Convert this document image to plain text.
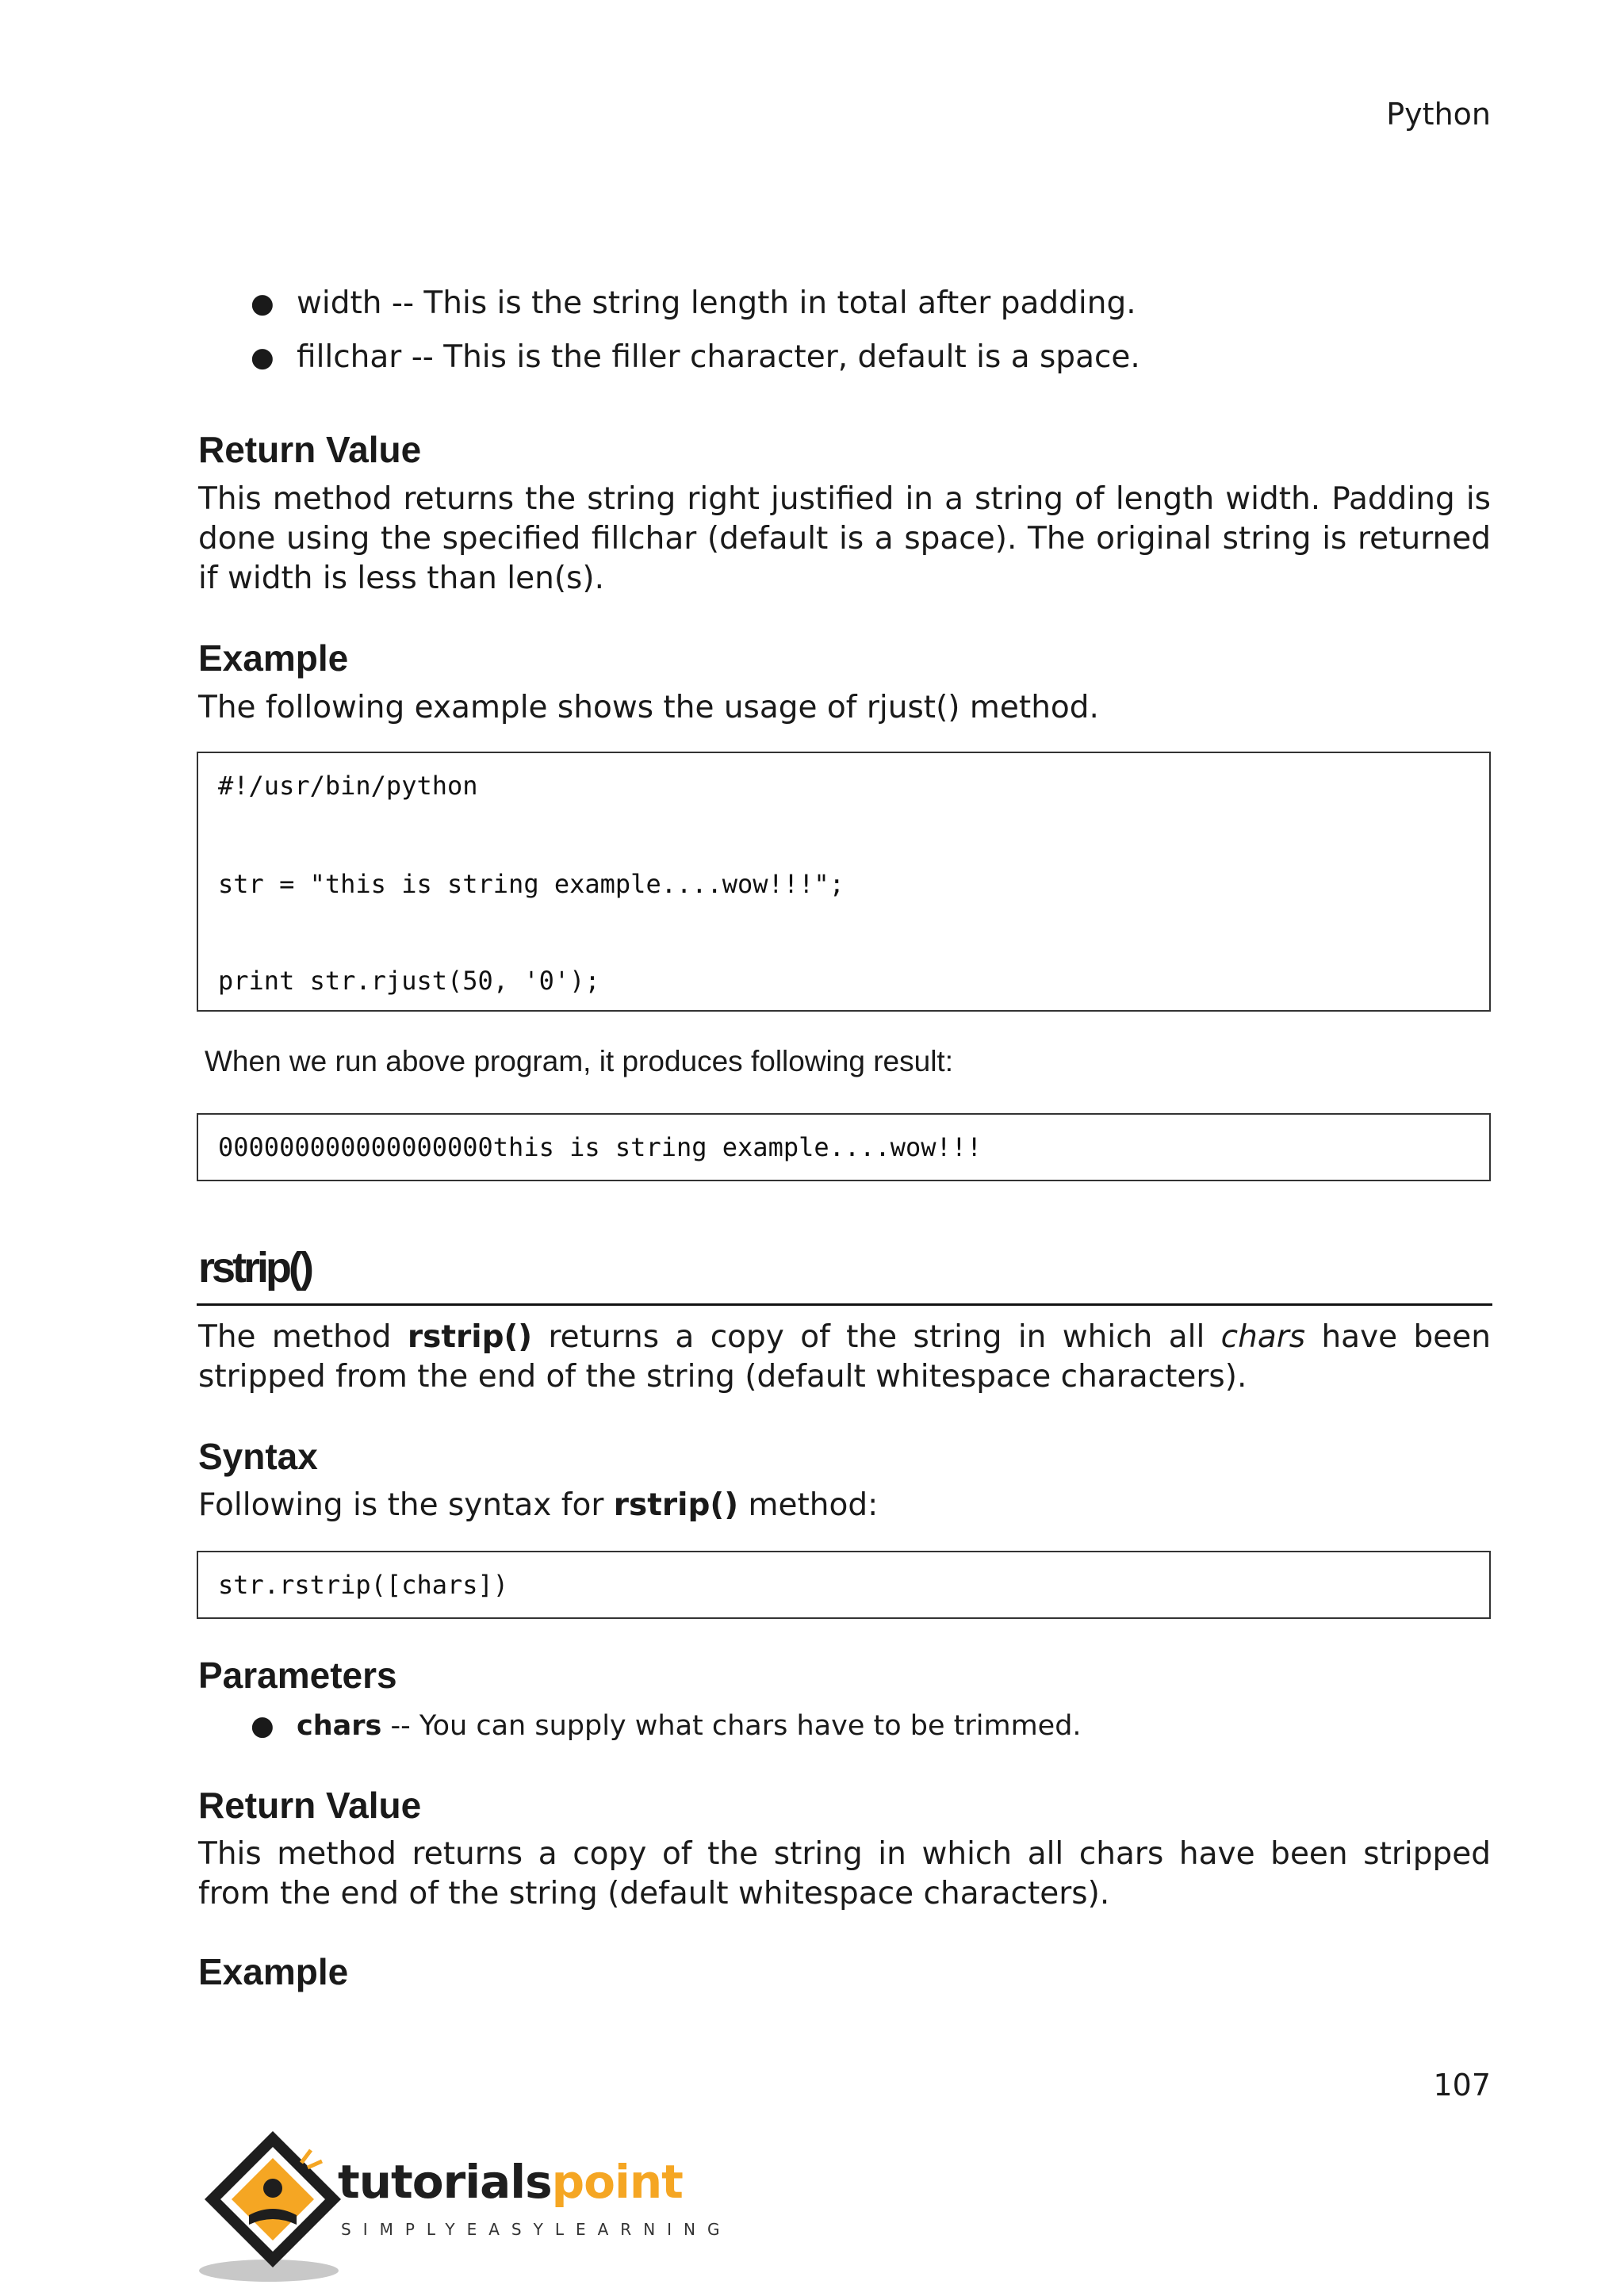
Python
● width -- This is the string length in total after padding.
● fillchar -- This is the filler character, default is a space.
Return Value
This method returns the string right justified in a string of length width. Padding is done using the specified fillchar (default is a space). The original string is returned if width is less than len(s).
Example
The following example shows the usage of rjust() method.
#!/usr/bin/python
str = "this is string example....wow!!!";
print str.rjust(50, '0');
When we run above program, it produces following result:
000000000000000000this is string example....wow!!!
rstrip()
The method rstrip() returns a copy of the string in which all chars have been stripped from the end of the string (default whitespace characters).
Syntax
Following is the syntax for rstrip() method:
str.rstrip([chars])
Parameters
● chars -- You can supply what chars have to be trimmed.
Return Value
This method returns a copy of the string in which all chars have been stripped from the end of the string (default whitespace characters).
Example
107
tutorialspoint
SIMPLYEASYLEARNING
